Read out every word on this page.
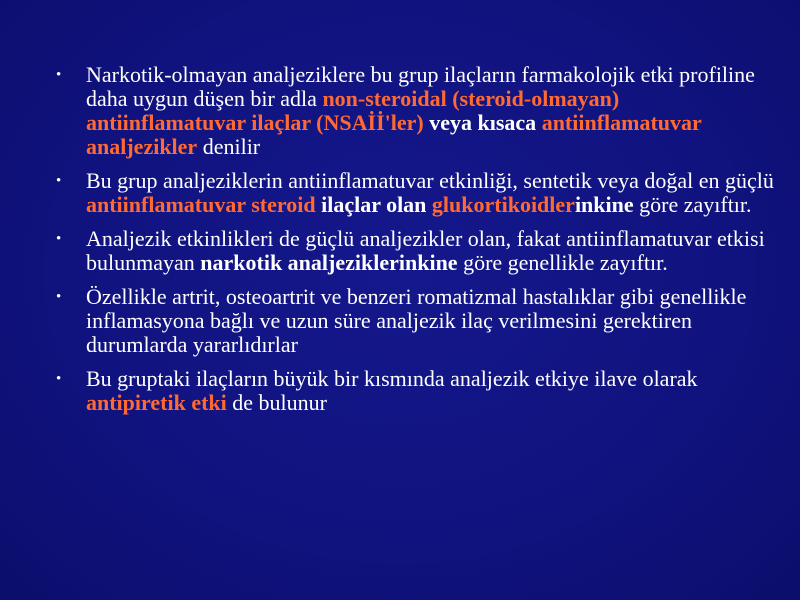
• Narkotik-olmayan analjeziklere bu grup ilaçların farmakolojik etki profiline daha uygun düşen bir adla non-steroidal (steroid-olmayan) antiinflamatuvar ilaçlar (NSAİİ'ler) veya kısaca antiinflamatuvar analjezikler denilir
• Bu grup analjeziklerin antiinflamatuvar etkinliği, sentetik veya doğal en güçlü antiinflamatuvar steroid ilaçlar olan glukortikoidlerinkine göre zayıftır.
• Analjezik etkinlikleri de güçlü analjezikler olan, fakat antiinflamatuvar etkisi bulunmayan narkotik analjeziklerinkine göre genellikle zayıftır.
• Özellikle artrit, osteoartrit ve benzeri romatizmal hastalıklar gibi genellikle inflamasyona bağlı ve uzun süre analjezik ilaç verilmesini gerektiren durumlarda yararlıdırlar
• Bu gruptaki ilaçların büyük bir kısmında analjezik etkiye ilave olarak antipiretik etki de bulunur
